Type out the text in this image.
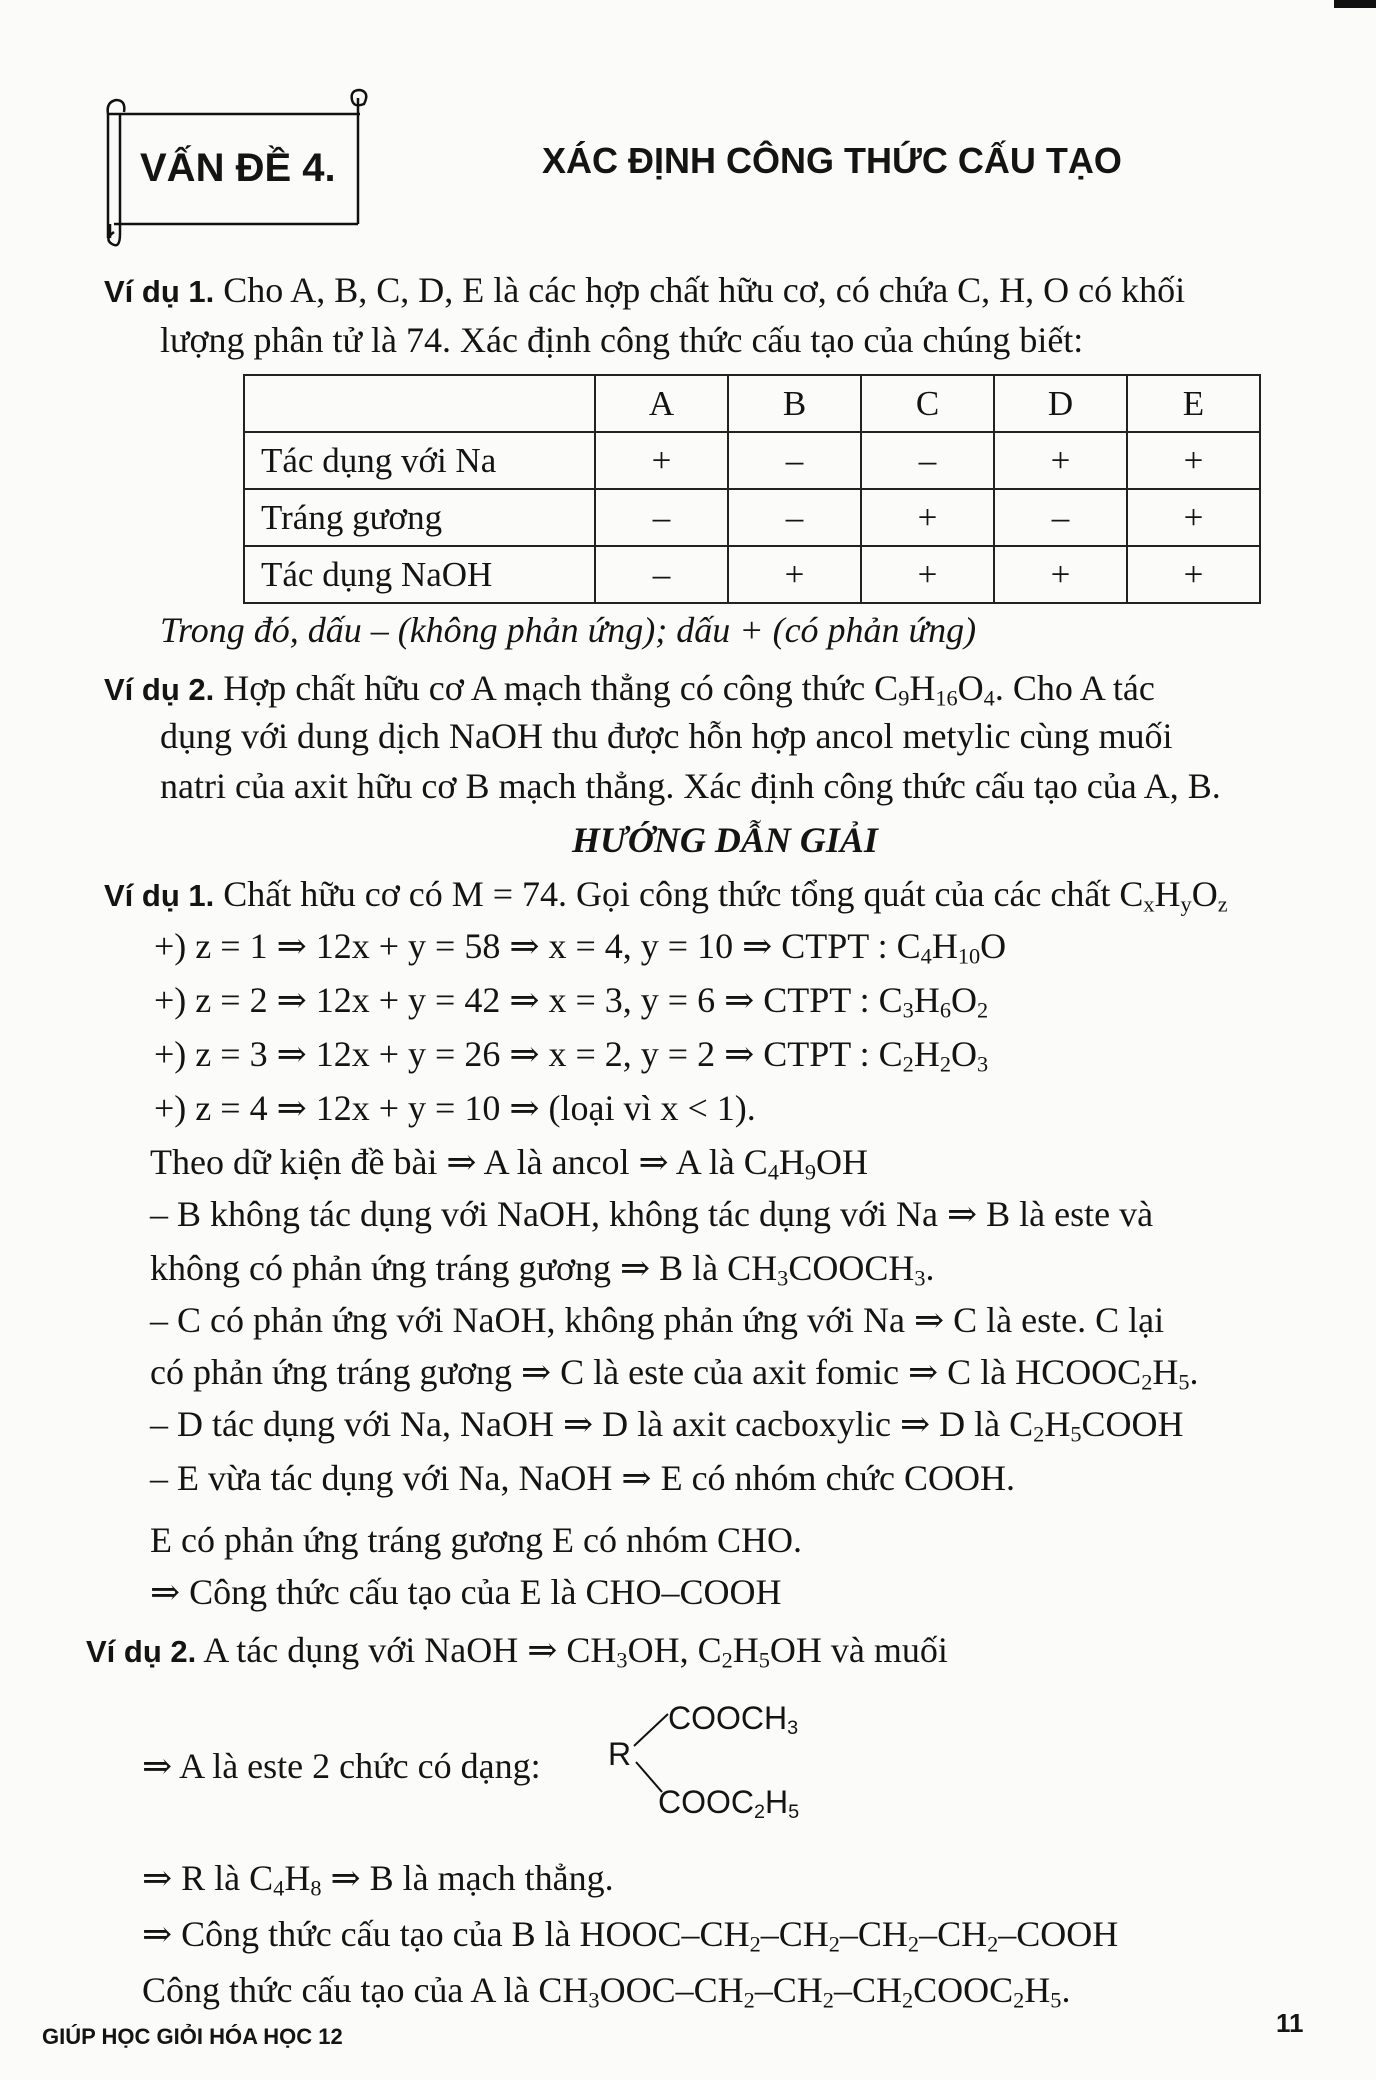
VẤN ĐỀ 4.	XÁC ĐỊNH CÔNG THỨC CẤU TẠO
Ví dụ 1. Cho A, B, C, D, E là các hợp chất hữu cơ, có chứa C, H, O có khối
lượng phân tử là 74. Xác định công thức cấu tạo của chúng biết:
	A	B	C	D	E
Tác dụng với Na	+	–	–	+	+
Tráng gương	–	–	+	–	+
Tác dụng NaOH	–	+	+	+	+
Trong đó, dấu – (không phản ứng); dấu + (có phản ứng)
Ví dụ 2. Hợp chất hữu cơ A mạch thẳng có công thức $C_9H_{16}O_4$. Cho A tác
dụng với dung dịch NaOH thu được hỗn hợp ancol metylic cùng muối
natri của axit hữu cơ B mạch thẳng. Xác định công thức cấu tạo của A, B.
HƯỚNG DẪN GIẢI
Ví dụ 1. Chất hữu cơ có M = 74. Gọi công thức tổng quát của các chất $C_xH_yO_z$
+) z = 1 ⇒ 12x + y = 58 ⇒ x = 4, y = 10 ⇒ CTPT : $C_4H_{10}O$
+) z = 2 ⇒ 12x + y = 42 ⇒ x = 3, y = 6 ⇒ CTPT : $C_3H_6O_2$
+) z = 3 ⇒ 12x + y = 26 ⇒ x = 2, y = 2 ⇒ CTPT : $C_2H_2O_3$
+) z = 4 ⇒ 12x + y = 10 ⇒ (loại vì x < 1).
Theo dữ kiện đề bài ⇒ A là ancol ⇒ A là $C_4H_9OH$
– B không tác dụng với NaOH, không tác dụng với Na ⇒ B là este và
không có phản ứng tráng gương ⇒ B là $CH_3COOCH_3$.
– C có phản ứng với NaOH, không phản ứng với Na ⇒ C là este. C lại
có phản ứng tráng gương ⇒ C là este của axit fomic ⇒ C là $HCOOC_2H_5$.
– D tác dụng với Na, NaOH ⇒ D là axit cacboxylic ⇒ D là $C_2H_5COOH$
– E vừa tác dụng với Na, NaOH ⇒ E có nhóm chức COOH.
E có phản ứng tráng gương E có nhóm CHO.
⇒ Công thức cấu tạo của E là CHO–COOH
Ví dụ 2. A tác dụng với NaOH ⇒ $CH_3OH$, $C_2H_5OH$ và muối
⇒ A là este 2 chức có dạng: R
$COOCH_3$
$COOC_2H_5$
⇒ R là $C_4H_8$ ⇒ B là mạch thẳng.
⇒ Công thức cấu tạo của B là HOOC–$CH_2-CH_2-CH_2-CH_2$–COOH
Công thức cấu tạo của A là $CH_3OOC-CH_2-CH_2-CH_2COOC_2H_5$.
GIÚP HỌC GIỎI HÓA HỌC 12	11
